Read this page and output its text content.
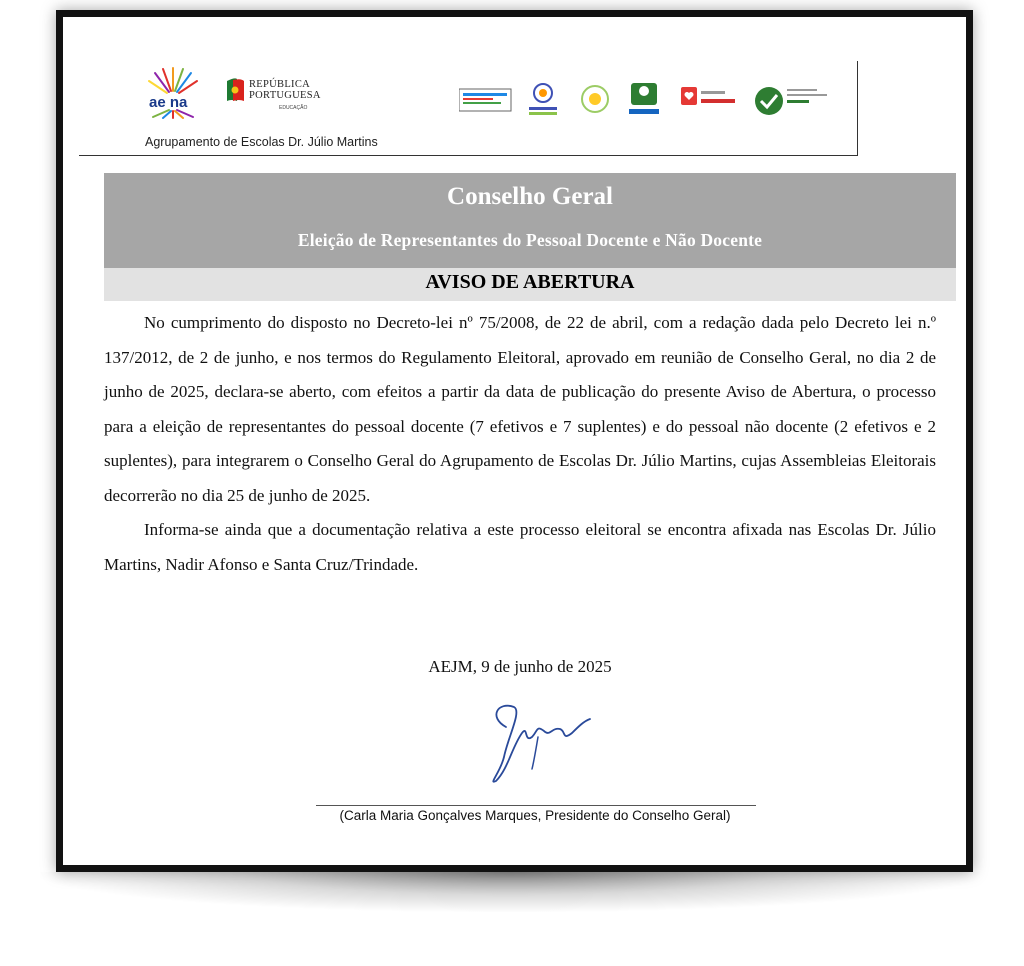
ae na
REPÚBLICA
PORTUGUESA
EDUCAÇÃO
Agrupamento de Escolas Dr. Júlio Martins
Conselho Geral
Eleição de Representantes do Pessoal Docente e Não Docente
AVISO DE ABERTURA

No cumprimento do disposto no Decreto-lei nº 75/2008, de 22 de abril, com a redação dada pelo Decreto lei n.º 137/2012, de 2 de junho, e nos termos do Regulamento Eleitoral, aprovado em reunião de Conselho Geral, no dia 2 de junho de 2025, declara-se aberto, com efeitos a partir da data de publicação do presente Aviso de Abertura, o processo para a eleição de representantes do pessoal docente (7 efetivos e 7 suplentes) e do pessoal não docente (2 efetivos e 2 suplentes), para integrarem o Conselho Geral do Agrupamento de Escolas Dr. Júlio Martins, cujas Assembleias Eleitorais decorrerão no dia 25 de junho de 2025.

Informa-se ainda que a documentação relativa a este processo eleitoral se encontra afixada nas Escolas Dr. Júlio Martins, Nadir Afonso e Santa Cruz/Trindade.

AEJM, 9 de junho de 2025
(Carla Maria Gonçalves Marques, Presidente do Conselho Geral)
